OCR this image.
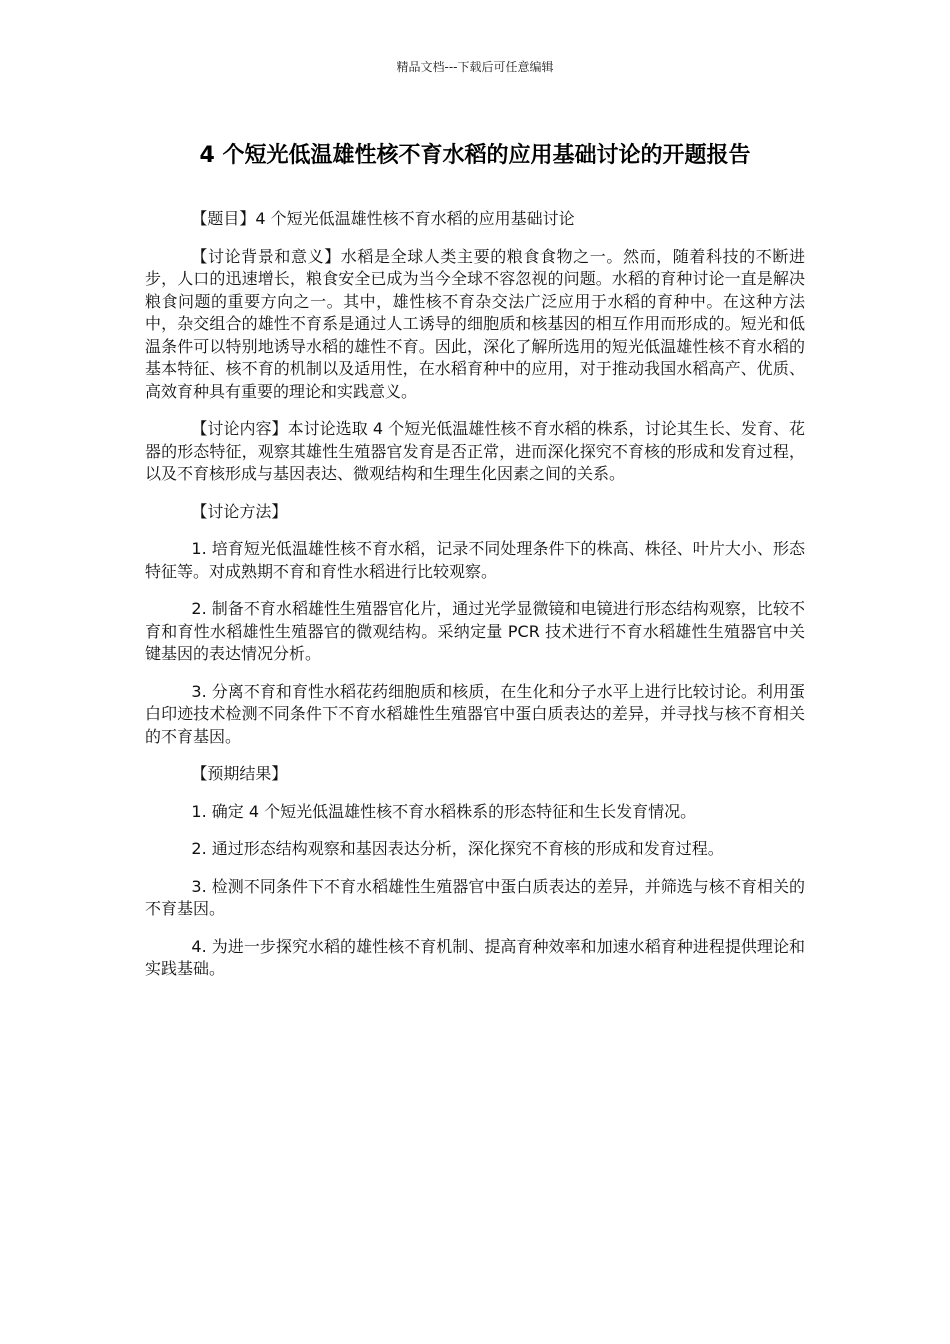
精品文档---下载后可任意编辑
4 个短光低温雄性核不育水稻的应用基础讨论的开题报告

【题目】4 个短光低温雄性核不育水稻的应用基础讨论

【讨论背景和意义】水稻是全球人类主要的粮食食物之一。然而，随着科技的不断进步，人口的迅速增长，粮食安全已成为当今全球不容忽视的问题。水稻的育种讨论一直是解决粮食问题的重要方向之一。其中，雄性核不育杂交法广泛应用于水稻的育种中。在这种方法中，杂交组合的雄性不育系是通过人工诱导的细胞质和核基因的相互作用而形成的。短光和低温条件可以特别地诱导水稻的雄性不育。因此，深化了解所选用的短光低温雄性核不育水稻的基本特征、核不育的机制以及适用性，在水稻育种中的应用，对于推动我国水稻高产、优质、高效育种具有重要的理论和实践意义。

【讨论内容】本讨论选取 4 个短光低温雄性核不育水稻的株系，讨论其生长、发育、花器的形态特征，观察其雄性生殖器官发育是否正常，进而深化探究不育核的形成和发育过程，以及不育核形成与基因表达、微观结构和生理生化因素之间的关系。

【讨论方法】

1. 培育短光低温雄性核不育水稻，记录不同处理条件下的株高、株径、叶片大小、形态特征等。对成熟期不育和育性水稻进行比较观察。

2. 制备不育水稻雄性生殖器官化片，通过光学显微镜和电镜进行形态结构观察，比较不育和育性水稻雄性生殖器官的微观结构。采纳定量 PCR 技术进行不育水稻雄性生殖器官中关键基因的表达情况分析。

3. 分离不育和育性水稻花药细胞质和核质，在生化和分子水平上进行比较讨论。利用蛋白印迹技术检测不同条件下不育水稻雄性生殖器官中蛋白质表达的差异，并寻找与核不育相关的不育基因。

【预期结果】

1. 确定 4 个短光低温雄性核不育水稻株系的形态特征和生长发育情况。

2. 通过形态结构观察和基因表达分析，深化探究不育核的形成和发育过程。

3. 检测不同条件下不育水稻雄性生殖器官中蛋白质表达的差异，并筛选与核不育相关的不育基因。

4. 为进一步探究水稻的雄性核不育机制、提高育种效率和加速水稻育种进程提供理论和实践基础。
